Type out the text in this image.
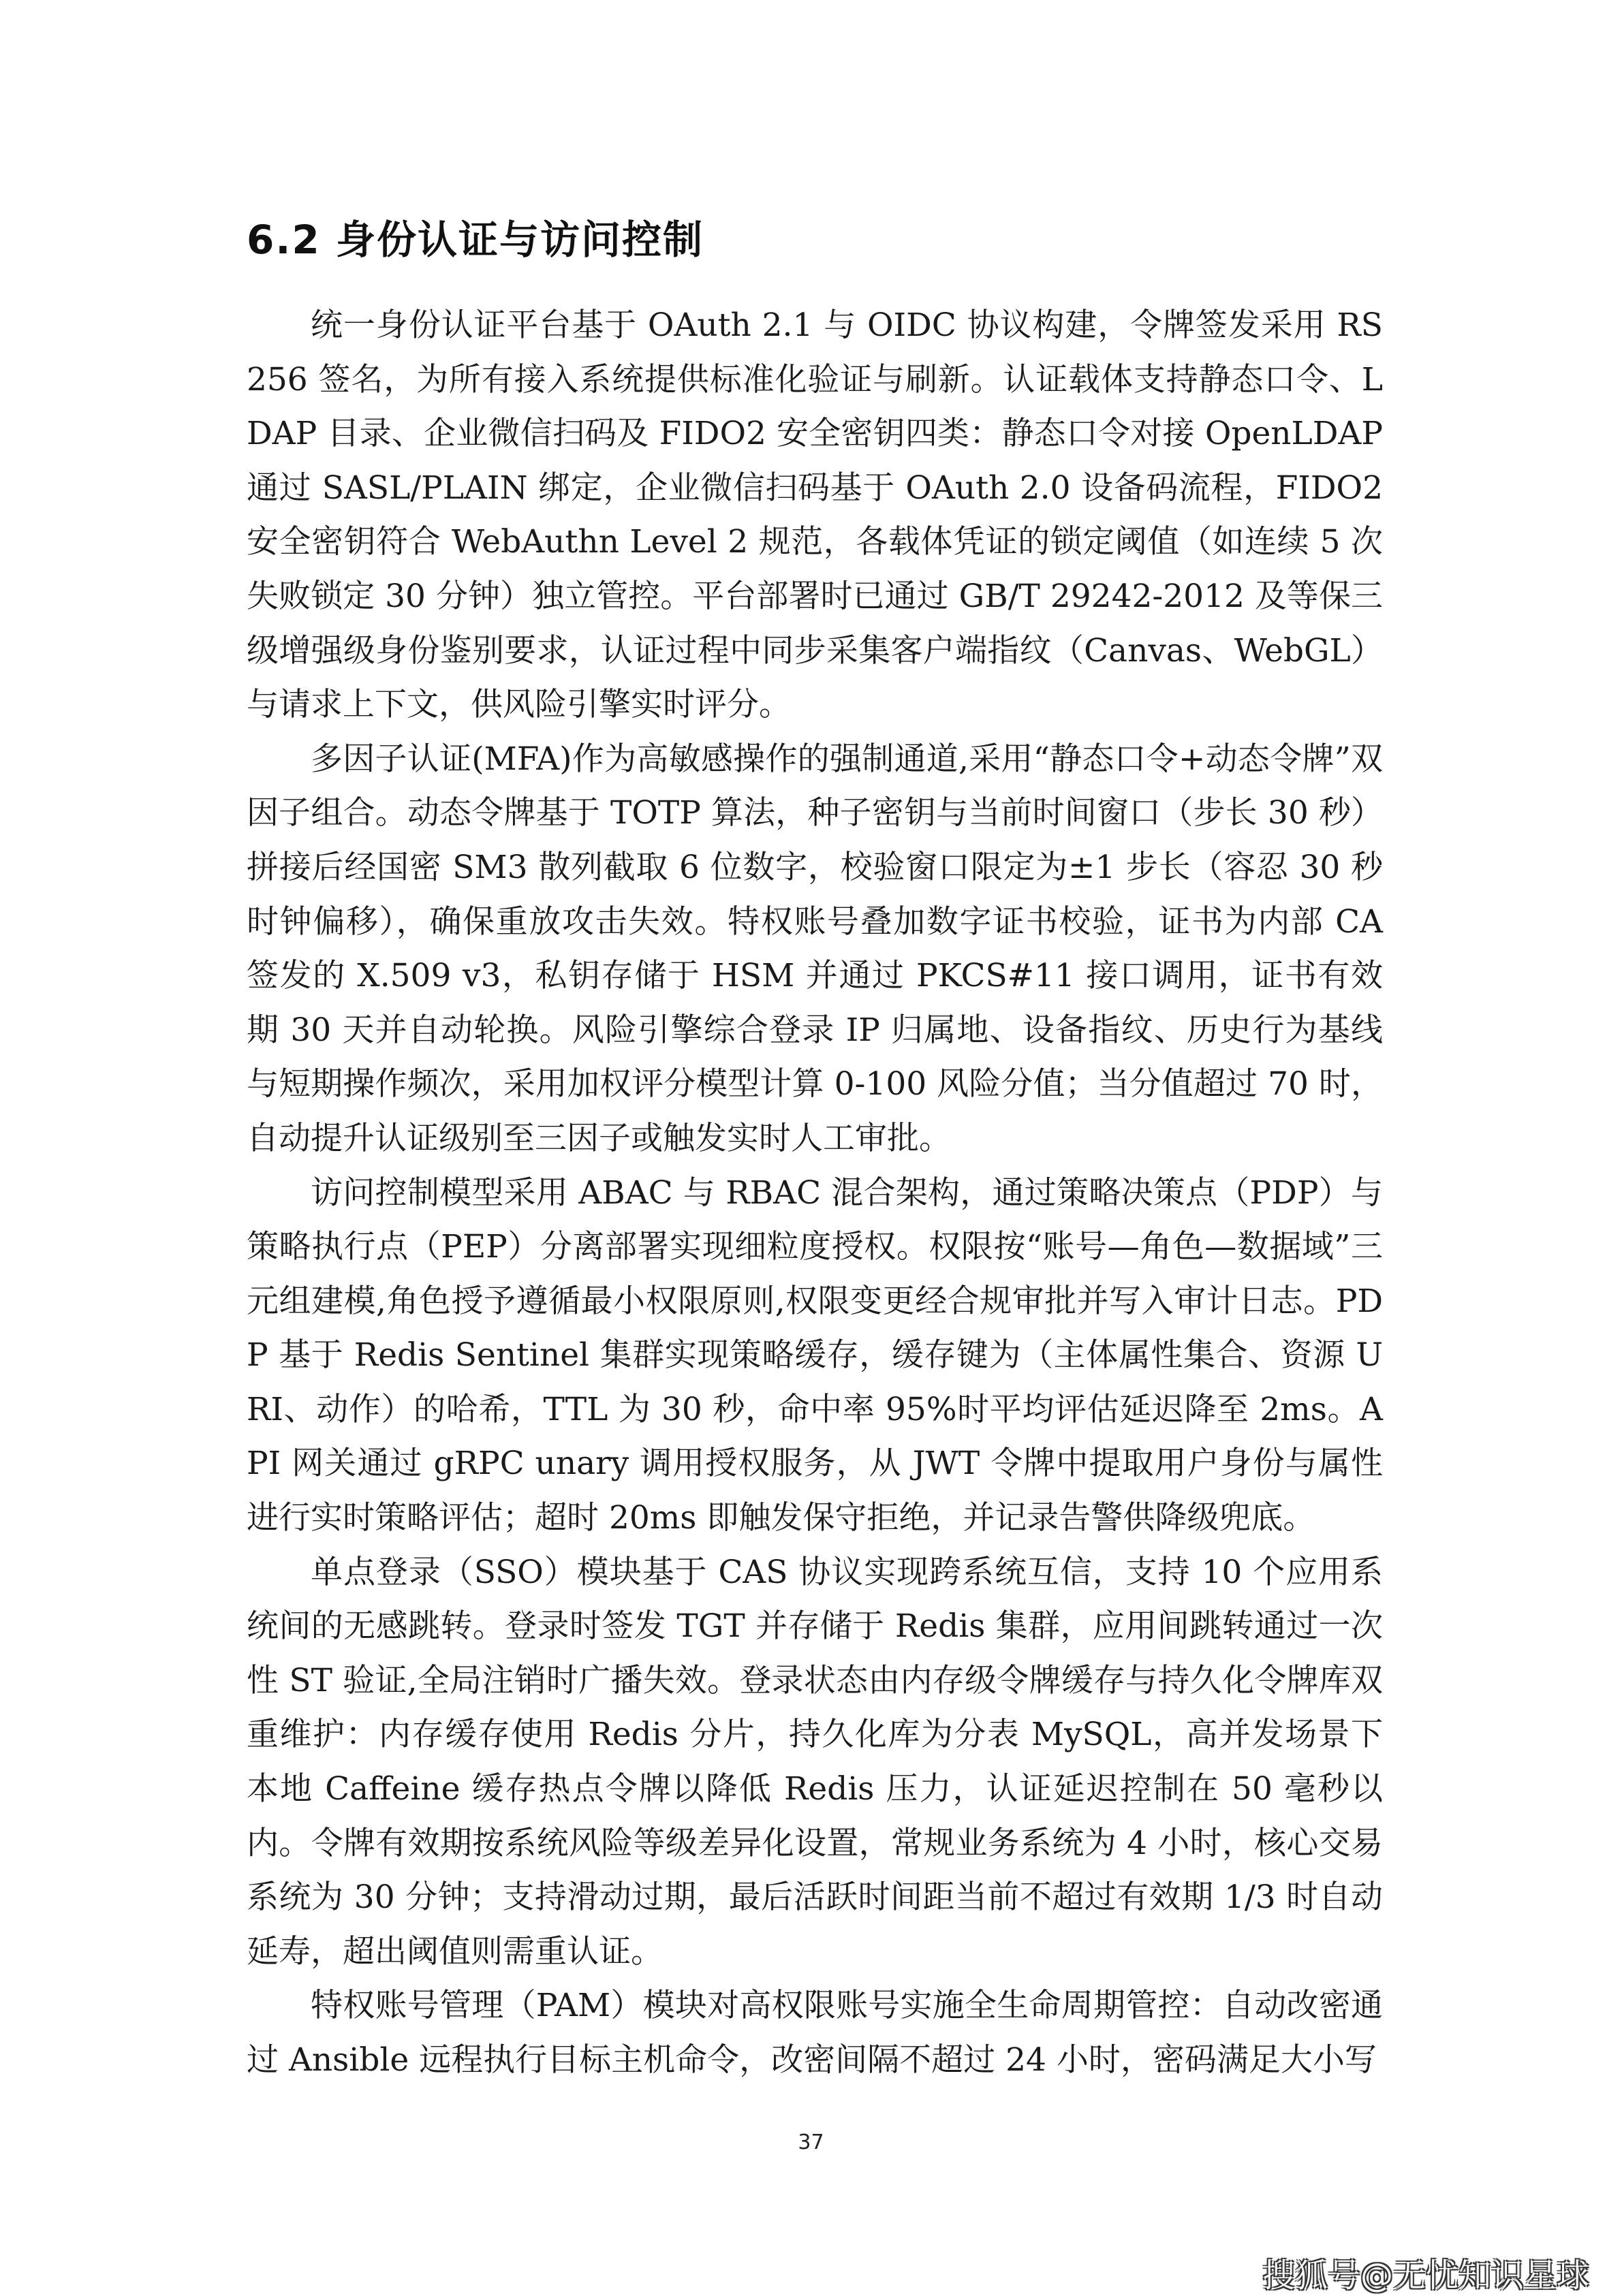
6.2 身份认证与访问控制

统一身份认证平台基于 OAuth 2.1 与 OIDC 协议构建，令牌签发采用 RS256 签名，为所有接入系统提供标准化验证与刷新。认证载体支持静态口令、LDAP 目录、企业微信扫码及 FIDO2 安全密钥四类：静态口令对接 OpenLDAP 通过 SASL/PLAIN 绑定，企业微信扫码基于 OAuth 2.0 设备码流程，FIDO2 安全密钥符合 WebAuthn Level 2 规范，各载体凭证的锁定阈值（如连续 5 次失败锁定 30 分钟）独立管控。平台部署时已通过 GB/T 29242-2012 及等保三级增强级身份鉴别要求，认证过程中同步采集客户端指纹（Canvas、WebGL）与请求上下文，供风险引擎实时评分。

多因子认证(MFA)作为高敏感操作的强制通道,采用“静态口令+动态令牌”双因子组合。动态令牌基于 TOTP 算法，种子密钥与当前时间窗口（步长 30 秒）拼接后经国密 SM3 散列截取 6 位数字，校验窗口限定为±1 步长（容忍 30 秒时钟偏移），确保重放攻击失效。特权账号叠加数字证书校验，证书为内部 CA 签发的 X.509 v3，私钥存储于 HSM 并通过 PKCS#11 接口调用，证书有效期 30 天并自动轮换。风险引擎综合登录 IP 归属地、设备指纹、历史行为基线与短期操作频次，采用加权评分模型计算 0-100 风险分值；当分值超过 70 时，自动提升认证级别至三因子或触发实时人工审批。

访问控制模型采用 ABAC 与 RBAC 混合架构，通过策略决策点（PDP）与策略执行点（PEP）分离部署实现细粒度授权。权限按“账号—角色—数据域”三元组建模,角色授予遵循最小权限原则,权限变更经合规审批并写入审计日志。PDP 基于 Redis Sentinel 集群实现策略缓存，缓存键为（主体属性集合、资源 URI、动作）的哈希，TTL 为 30 秒，命中率 95%时平均评估延迟降至 2ms。API 网关通过 gRPC unary 调用授权服务，从 JWT 令牌中提取用户身份与属性进行实时策略评估；超时 20ms 即触发保守拒绝，并记录告警供降级兜底。

单点登录（SSO）模块基于 CAS 协议实现跨系统互信，支持 10 个应用系统间的无感跳转。登录时签发 TGT 并存储于 Redis 集群，应用间跳转通过一次性 ST 验证,全局注销时广播失效。登录状态由内存级令牌缓存与持久化令牌库双重维护：内存缓存使用 Redis 分片，持久化库为分表 MySQL，高并发场景下本地 Caffeine 缓存热点令牌以降低 Redis 压力，认证延迟控制在 50 毫秒以内。令牌有效期按系统风险等级差异化设置，常规业务系统为 4 小时，核心交易系统为 30 分钟；支持滑动过期，最后活跃时间距当前不超过有效期 1/3 时自动延寿，超出阈值则需重认证。

特权账号管理（PAM）模块对高权限账号实施全生命周期管控：自动改密通过 Ansible 远程执行目标主机命令，改密间隔不超过 24 小时，密码满足大小写

37
搜狐号@无忧知识星球
